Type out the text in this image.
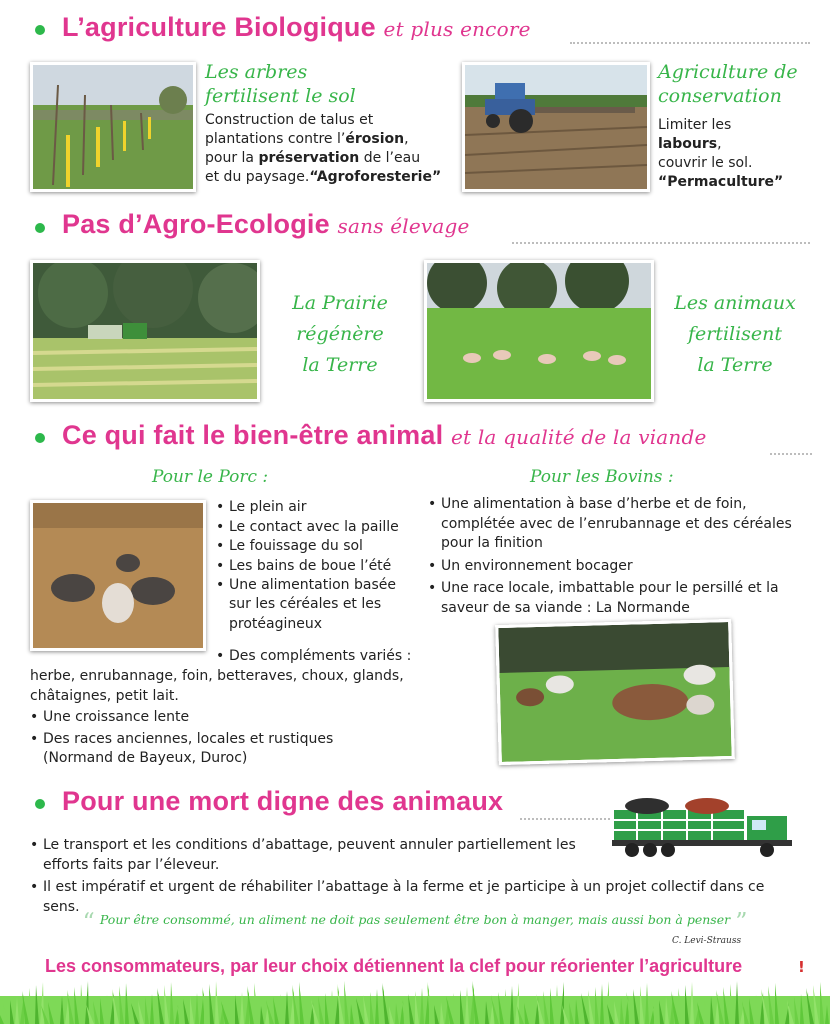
L’agriculture Biologique et plus encore
Les arbres
fertilisent le sol
Construction de talus et
plantations contre l’érosion,
pour la préservation de l’eau
et du paysage.“Agroforesterie”
Agriculture de
conservation
Limiter les
labours,
couvrir le sol.
“Permaculture”
Pas d’Agro-Ecologie sans élevage
La Prairie
régénère
la Terre
Les animaux
fertilisent
la Terre
Ce qui fait le bien-être animal et la qualité de la viande
Pour le Porc :	Pour les Bovins :
• Le plein air
• Le contact avec la paille
• Le fouissage du sol
• Les bains de boue l’été
• Une alimentation basée
sur les céréales et les
protéagineux
• Des compléments variés :
herbe, enrubannage, foin, betteraves, choux, glands,
châtaignes, petit lait.
• Une croissance lente
• Des races anciennes, locales et rustiques
(Normand de Bayeux, Duroc)
• Une alimentation à base d’herbe et de foin,
complétée avec de l’enrubannage et des céréales
pour la finition
• Un environnement bocager
• Une race locale, imbattable pour le persillé et la
saveur de sa viande : La Normande
Pour une mort digne des animaux
• Le transport et les conditions d’abattage, peuvent annuler partiellement les
efforts faits par l’éleveur.
• Il est impératif et urgent de réhabiliter l’abattage à la ferme et je participe à un projet collectif dans ce sens.
“ Pour être consommé, un aliment ne doit pas seulement être bon à manger, mais aussi bon à penser ”
C. Levi-Strauss
Les consommateurs, par leur choix détiennent la clef pour réorienter l’agriculture	!
